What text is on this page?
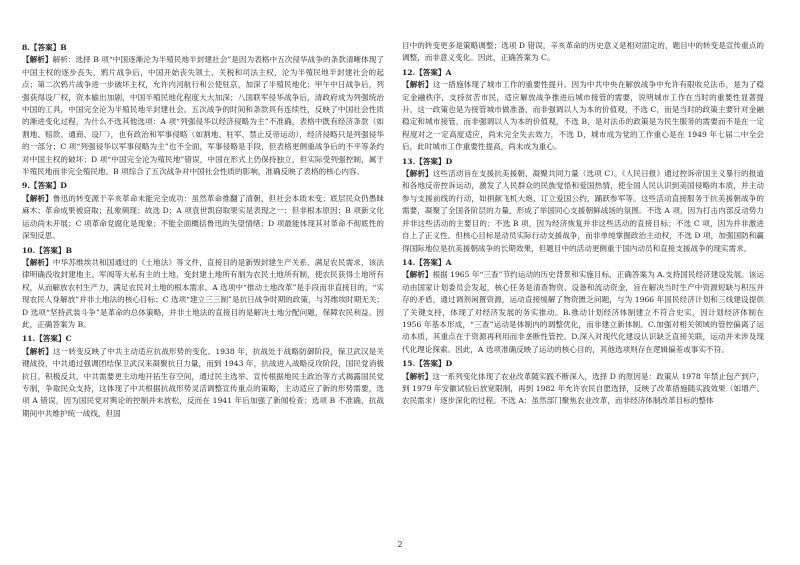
8.【答案】B

【解析】解析：选择 B 项“中国逐渐沦为半殖民地半封建社会”是因为表格中五次侵华战争的条款清晰体现了中国主权的逐步丧失，鸦片战争后，中国开始丧失领土、关税和司法主权，沦为半殖民地半封建社会的起点；第二次鸦片战争进一步破坏主权，允许内河航行和公使驻京，加深了半殖民地化；甲午中日战争后，列强获得设厂权，资本输出加剧，中国半殖民地化程度大大加深；八国联军侵华战争后，清政府成为列强统治中国的工具，中国完全沦为半殖民地半封建社会。五次战争的时间和条款具有连续性，反映了中国社会性质的渐进变化过程，为什么不选其他选项：A 项“列强侵华以经济侵略为主”不准确，表格中既有经济条款（如割地、赔款、通商、设厂），也有政治和军事侵略（如割地、驻军、禁止反帝运动），经济侵略只是列强侵华的一部分；C 项“列强侵华以军事侵略为主”也不全面，军事侵略是手段，但表格更侧重战争后的不平等条约对中国主权的破坏；D 项“中国完全沦为殖民地”错误，中国在形式上仍保持独立，但实际受列强控制，属于半殖民地而非完全殖民地。B 项综合了五次战争对中国社会性质的影响，准确反映了表格的核心内容。

9.【答案】D

【解析】鲁迅的转变源于辛亥革命未能完全成功：虽然革命推翻了清朝，但社会本质未变；底层民众仍愚昧麻木；革命成果被窃取；乱象频现；故选 D；A 项袁世凯窃取果实是表现之一；但非根本原因；B 项新文化运动尚未开展；C 项革命党腐化是现象；不能全面概括鲁迅的失望情绪；D 项最能体现其对革命不彻底性的深刻反思。

10.【答案】B

【解析】中华苏维埃共和国通过的《土地法》等文件，直接目的是新毁封建生产关系、满足农民需求，该法律明确没收封建地主、军阀等大私有主的土地，变封建土地所有制为农民土地所有制，使农民获得土地所有权，从而解放农村生产力，满足农民对土地的根本需求。A 选项中“推动土地改革”是手段而非直接目的，“实现农民人身解放”并非土地法的核心目标；C 选项“建立三三制”是抗日战争时期的政策，与苏维埃时期无关；D 选项“坚持武装斗争”是革命的总体策略，并非土地法的直接目的是解决土地分配问题，保障农民利益。因此，正确答案为 B。

11.【答案】C

【解析】这一转变反映了中共主动适应抗战形势的变化。1938 年，抗战处于战略防御阶段，保卫武汉是关键战役，中共通过强调团结保卫武汉来凝聚抗日力量，而到 1943 年，抗战进入战略反攻阶段，国民党消极抗日、积极反共，中共需要更主动地开拓生存空间，通过民主选举、宣传根据地民主政治等方式揭露国民党专制，争取民众支持，这体现了中共根据抗战形势灵活调整宣传重点的策略，主动适应了新的形势需要，选项 A 错误，因为国民党对舆论的控制并未放松，反而在 1941 年后加强了新闻检查；选项 B 不准确，抗战期间中共维护统一战线，但国

目中的转变更多是策略调整；选项 D 错误，辛亥革命的历史意义是相对固定的，题目中的转变是宣传重点的调整，而非意义变化。因此，正确答案为 C。

12.【答案】A

【解析】这一措施体现了城市工作的重要性提升。因为中共中央在解放战争中允许有限收兑法币，是为了稳定金融秩序，支持贫苦市民，适应解放战争推进后城市接管的需要，说明城市工作在当时的重要性显著提升，这一政策也是为接管城市做准备，而非强调以人为本的价值观，不选 C，而是当时的政策主要针对金融稳定和城市接管，而非强调以人为本的价值观，不选 B，是对法币的政策是为民生服务的需要而不是在一定程度对之一定高度适应，尚未完全失去效力，不选 D，城市成为党的工作重心是在 1949 年七届二中全会后，此时城市工作重要性提高，尚未成为重心。

13.【答案】D

【解析】这些活动旨在支援抗美援朝，凝聚共同力量（选项 C）。《人民日报》通过控诉帝国主义暴行的报道和各地反帝控诉运动，激发了人民群众的民族觉悟和爱国热情，使全国人民认识到美国侵略的本质，并主动参与支援前线的行动，如捐献飞机大炮，订立爱国公约，踊跃参军等。这些活动直接服务于抗美援朝战争的需要，凝聚了全国各阶层的力量，形成了举国同心支援朝鲜战场的氛围。不选 A 项，因为打击内部反动势力并非这些活动的主要目的；不选 B 项，因为经济恢复并非这些活动的直接目标；不选 C 项，因为并非激进自上了正义性。但核心目标是动员实际行动支援战争，而非单纯掌握政治主动权，不选 D 项，加强国防和赢得国际地位是抗美援朝战争的长期效果，但题目中的活动更侧重于国内动员和直接支援战争的现实需求。

14.【答案】A

【解析】根据 1965 年“三查”节约运动的历史背景和实施目标，正确答案为 A.支持国民经济建设发展。该运动由国家计划委员会发起，核心任务是清查物资、设备和流动资金，旨在解决当时生产中资源短缺与积压并存的矛盾，通过调剂闲置资源，运动直接缓解了物资匮乏问题，与为 1966 年国民经济计划和三线建设提供了关键支持，体现了对经济发展的务实推动。B.推动计划经济体制建立不符合史实，因计划经济体制在 1956 年基本形成，“三查”运动是体制内的调整优化，而非建立新体制。C.加强对相关领域的管控偏离了运动本质，其重点在于资源再利用而非垄断性管控。D.深入对现代化建设认识缺乏直接关联，运动并未涉及现代化理论探索。因此，A 选项准确反映了运动的核心目的，其他选项则存在逻辑偏差或事实不符。

15.【答案】D

【解析】这一系列变化体现了农业改革随实践不断深入，选择 D 的原因是：政策从 1978 年禁止包产到户，到 1979 年安徽试验后放宽限制，再到 1982 年允许农民自愿选择，反映了改革措施随实践效果（如增产、农民需求）逐步深化的过程。不选 A：虽然部门聚焦农业改革，而非经济体制改革目标的整体

2
